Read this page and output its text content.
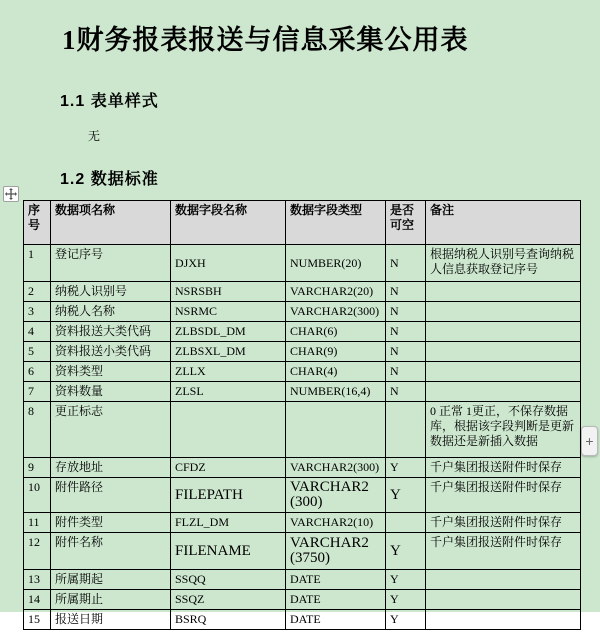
1财务报表报送与信息采集公用表
1.1 表单样式
无
1.2 数据标准
序号	数据项名称	数据字段名称	数据字段类型	是否可空	备注
1	登记序号	DJXH	NUMBER(20)	N	根据纳税人识别号查询纳税人信息获取登记序号
2	纳税人识别号	NSRSBH	VARCHAR2(20)	N	
3	纳税人名称	NSRMC	VARCHAR2(300)	N	
4	资料报送大类代码	ZLBSDL_DM	CHAR(6)	N	
5	资料报送小类代码	ZLBSXL_DM	CHAR(9)	N	
6	资料类型	ZLLX	CHAR(4)	N	
7	资料数量	ZLSL	NUMBER(16,4)	N	
8	更正标志				0 正常 1更正，不保存数据库，根据该字段判断是更新数据还是新插入数据
9	存放地址	CFDZ	VARCHAR2(300)	Y	千户集团报送附件时保存
10	附件路径	FILEPATH	VARCHAR2(300)	Y	千户集团报送附件时保存
11	附件类型	FLZL_DM	VARCHAR2(10)		千户集团报送附件时保存
12	附件名称	FILENAME	VARCHAR2(3750)	Y	千户集团报送附件时保存
13	所属期起	SSQQ	DATE	Y	
14	所属期止	SSQZ	DATE	Y	
15	报送日期	BSRQ	DATE	Y	
+
